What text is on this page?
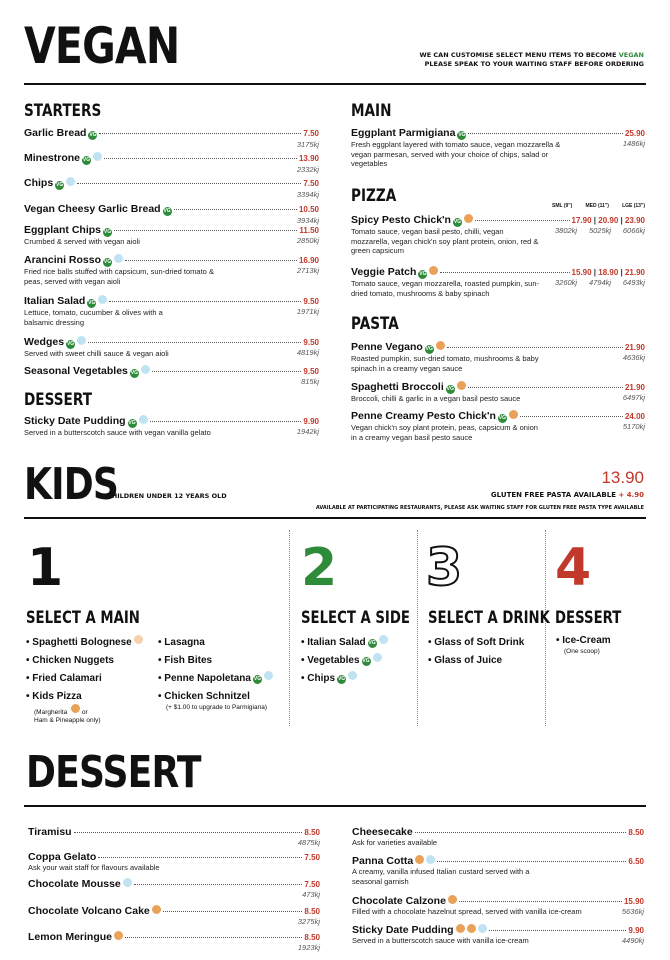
VEGAN	WE CAN CUSTOMISE SELECT MENU ITEMS TO BECOME VEGAN
PLEASE SPEAK TO YOUR WAITING STAFF BEFORE ORDERING
STARTERS
Garlic Bread VG	7.50
3175kj
Minestrone VG	13.90
2332kj
Chips VG	7.50
3394kj
Vegan Cheesy Garlic Bread VG	10.50
3934kj
Eggplant Chips VG	11.50
Crumbed & served with vegan aioli	2850kj
Arancini Rosso VG	16.90
Fried rice balls stuffed with capsicum, sun-dried tomato & peas, served with vegan aioli
2713kj
Italian Salad VG	9.50
Lettuce, tomato, cucumber & olives with a balsamic dressing
1971kj
Wedges VG	9.50
Served with sweet chilli sauce & vegan aioli	4819kj
Seasonal Vegetables VG	9.50
815kj
DESSERT
Sticky Date Pudding VG	9.90
Served in a butterscotch sauce with vegan vanilla gelato	1942kj
MAIN
Eggplant Parmigiana VG	25.90
Fresh eggplant layered with tomato sauce, vegan mozzarella & vegan parmesan, served with your choice of chips, salad or vegetables
1486kj
PIZZA	SML (9")	MED (11")	LGE (13")
Spicy Pesto Chick'n VG	17.90 | 20.90 | 23.90
Tomato sauce, vegan basil pesto, chilli, vegan mozzarella, vegan chick'n soy plant protein, onion, red & green capsicum
3802kj 5025kj 6066kj
Veggie Patch VG	15.90 | 18.90 | 21.90
Tomato sauce, vegan mozzarella, roasted pumpkin, sun-dried tomato, mushrooms & baby spinach
3260kj 4794kj 6493kj
PASTA
Penne Vegano VG	21.90
Roasted pumpkin, sun-dried tomato, mushrooms & baby spinach in a creamy vegan sauce
4636kj
Spaghetti Broccoli VG	21.90
Broccoli, chilli & garlic in a vegan basil pesto sauce	6497kj
Penne Creamy Pesto Chick'n VG	24.00
Vegan chick'n soy plant protein, peas, capsicum & onion in a creamy vegan basil pesto sauce
5170kj
KIDS
CHILDREN UNDER 12 YEARS OLD
13.90
GLUTEN FREE PASTA AVAILABLE + 4.90
AVAILABLE AT PARTICIPATING RESTAURANTS, PLEASE ASK WAITING STAFF FOR GLUTEN FREE PASTA TYPE AVAILABLE
1	2 3 4
SELECT A MAIN	SELECT A SIDE SELECT A DRINK DESSERT
• Spaghetti Bolognese
• Chicken Nuggets
• Fried Calamari
• Kids Pizza
(Margherita or
Ham & Pineapple only)
• Lasagna
• Fish Bites
• Penne Napoletana VG
• Chicken Schnitzel
(+ $1.00 to upgrade to Parmigiana)
• Italian Salad VG
• Vegetables VG
• Chips VG
• Glass of Soft Drink
• Glass of Juice
• Ice-Cream
(One scoop)
DESSERT
Tiramisu	8.50
4875kj
Coppa Gelato	7.50
Ask your wait staff for flavours available
Chocolate Mousse	7.50
473kj
Chocolate Volcano Cake	8.50
3275kj
Lemon Meringue	8.50
1923kj
Cheesecake	8.50
Ask for varieties available
Panna Cotta	6.50
A creamy, vanilla infused Italian custard served with a seasonal garnish
Chocolate Calzone	15.90
Filled with a chocolate hazelnut spread, served with vanilla ice-cream	5636kj
Sticky Date Pudding	9.90
Served in a butterscotch sauce with vanilla ice-cream	4490kj
